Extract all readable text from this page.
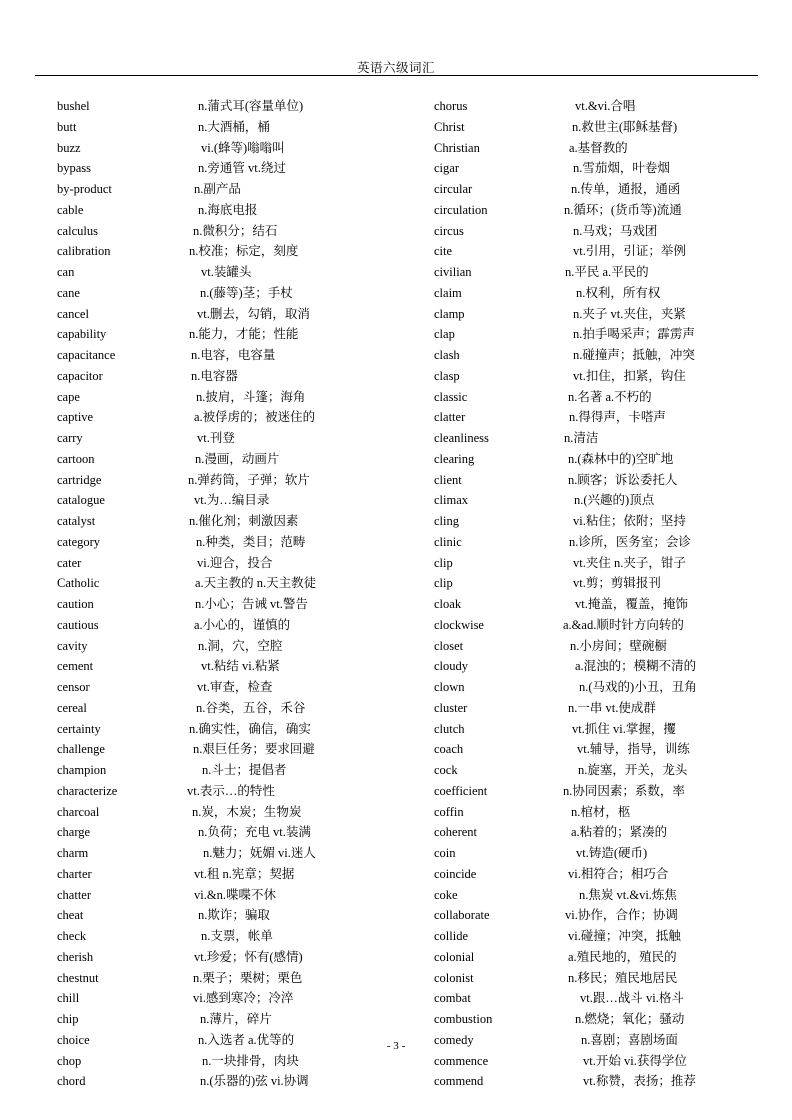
英语六级词汇
bushel	n.蒲式耳(容量单位)
butt	n.大酒桶，桶
buzz	vi.(蜂等)嗡嗡叫
bypass	n.旁通管 vt.绕过
by-product	n.副产品
cable	n.海底电报
calculus	n.微积分；结石
calibration	n.校准；标定，刻度
can	vt.装罐头
cane	n.(藤等)茎；手杖
cancel	vt.删去，勾销，取消
capability	n.能力，才能；性能
capacitance	n.电容，电容量
capacitor	n.电容器
cape	n.披肩，斗篷；海角
captive	a.被俘虏的；被迷住的
carry	vt.刊登
cartoon	n.漫画，动画片
cartridge	n.弹药筒，子弹；软片
catalogue	vt.为…编目录
catalyst	n.催化剂；刺激因素
category	n.种类，类目；范畴
cater	vi.迎合，投合
Catholic	a.天主教的 n.天主教徒
caution	n.小心；告诫 vt.警告
cautious	a.小心的，谨慎的
cavity	n.洞，穴，空腔
cement	vt.粘结 vi.粘紧
censor	vt.审查，检查
cereal	n.谷类，五谷，禾谷
certainty	n.确实性，确信，确实
challenge	n.艰巨任务；要求回避
champion	n.斗士；提倡者
characterize	vt.表示…的特性
charcoal	n.炭，木炭；生物炭
charge	n.负荷；充电 vt.装满
charm	n.魅力；妩媚 vi.迷人
charter	vt.租 n.宪章；契据
chatter	vi.&n.喋喋不休
cheat	n.欺诈；骗取
check	n.支票，帐单
cherish	vt.珍爱；怀有(感情)
chestnut	n.栗子；栗树；栗色
chill	vi.感到寒冷；冷淬
chip	n.薄片，碎片
choice	n.入选者 a.优等的
chop	n.一块排骨，肉块
chord	n.(乐器的)弦 vi.协调
chorus	vt.&vi.合唱
Christ	n.救世主(耶稣基督)
Christian	a.基督教的
cigar	n.雪茄烟，叶卷烟
circular	n.传单，通报，通函
circulation	n.循环；(货币等)流通
circus	n.马戏；马戏团
cite	vt.引用，引证；举例
civilian	n.平民 a.平民的
claim	n.权利，所有权
clamp	n.夹子 vt.夹住，夹紧
clap	n.拍手喝采声；霹雳声
clash	n.碰撞声；抵触，冲突
clasp	vt.扣住，扣紧，钩住
classic	n.名著 a.不朽的
clatter	n.得得声，卡嗒声
cleanliness	n.清洁
clearing	n.(森林中的)空旷地
client	n.顾客；诉讼委托人
climax	n.(兴趣的)顶点
cling	vi.粘住；依附；坚持
clinic	n.诊所，医务室；会诊
clip	vt.夹住 n.夹子，钳子
clip	vt.剪；剪辑报刊
cloak	vt.掩盖，覆盖，掩饰
clockwise	a.&ad.顺时针方向转的
closet	n.小房间；壁碗橱
cloudy	a.混浊的；模糊不清的
clown	n.(马戏的)小丑，丑角
cluster	n.一串 vt.使成群
clutch	vt.抓住 vi.掌握，攫
coach	vt.辅导，指导，训练
cock	n.旋塞，开关，龙头
coefficient	n.协同因素；系数，率
coffin	n.棺材，柩
coherent	a.粘着的；紧凑的
coin	vt.铸造(硬币)
coincide	vi.相符合；相巧合
coke	n.焦炭 vt.&vi.炼焦
collaborate	vi.协作，合作；协调
collide	vi.碰撞；冲突，抵触
colonial	a.殖民地的，殖民的
colonist	n.移民；殖民地居民
combat	vt.跟…战斗 vi.格斗
combustion	n.燃烧；氧化；骚动
comedy	n.喜剧；喜剧场面
commence	vt.开始 vi.获得学位
commend	vt.称赞，表扬；推荐
- 3 -
